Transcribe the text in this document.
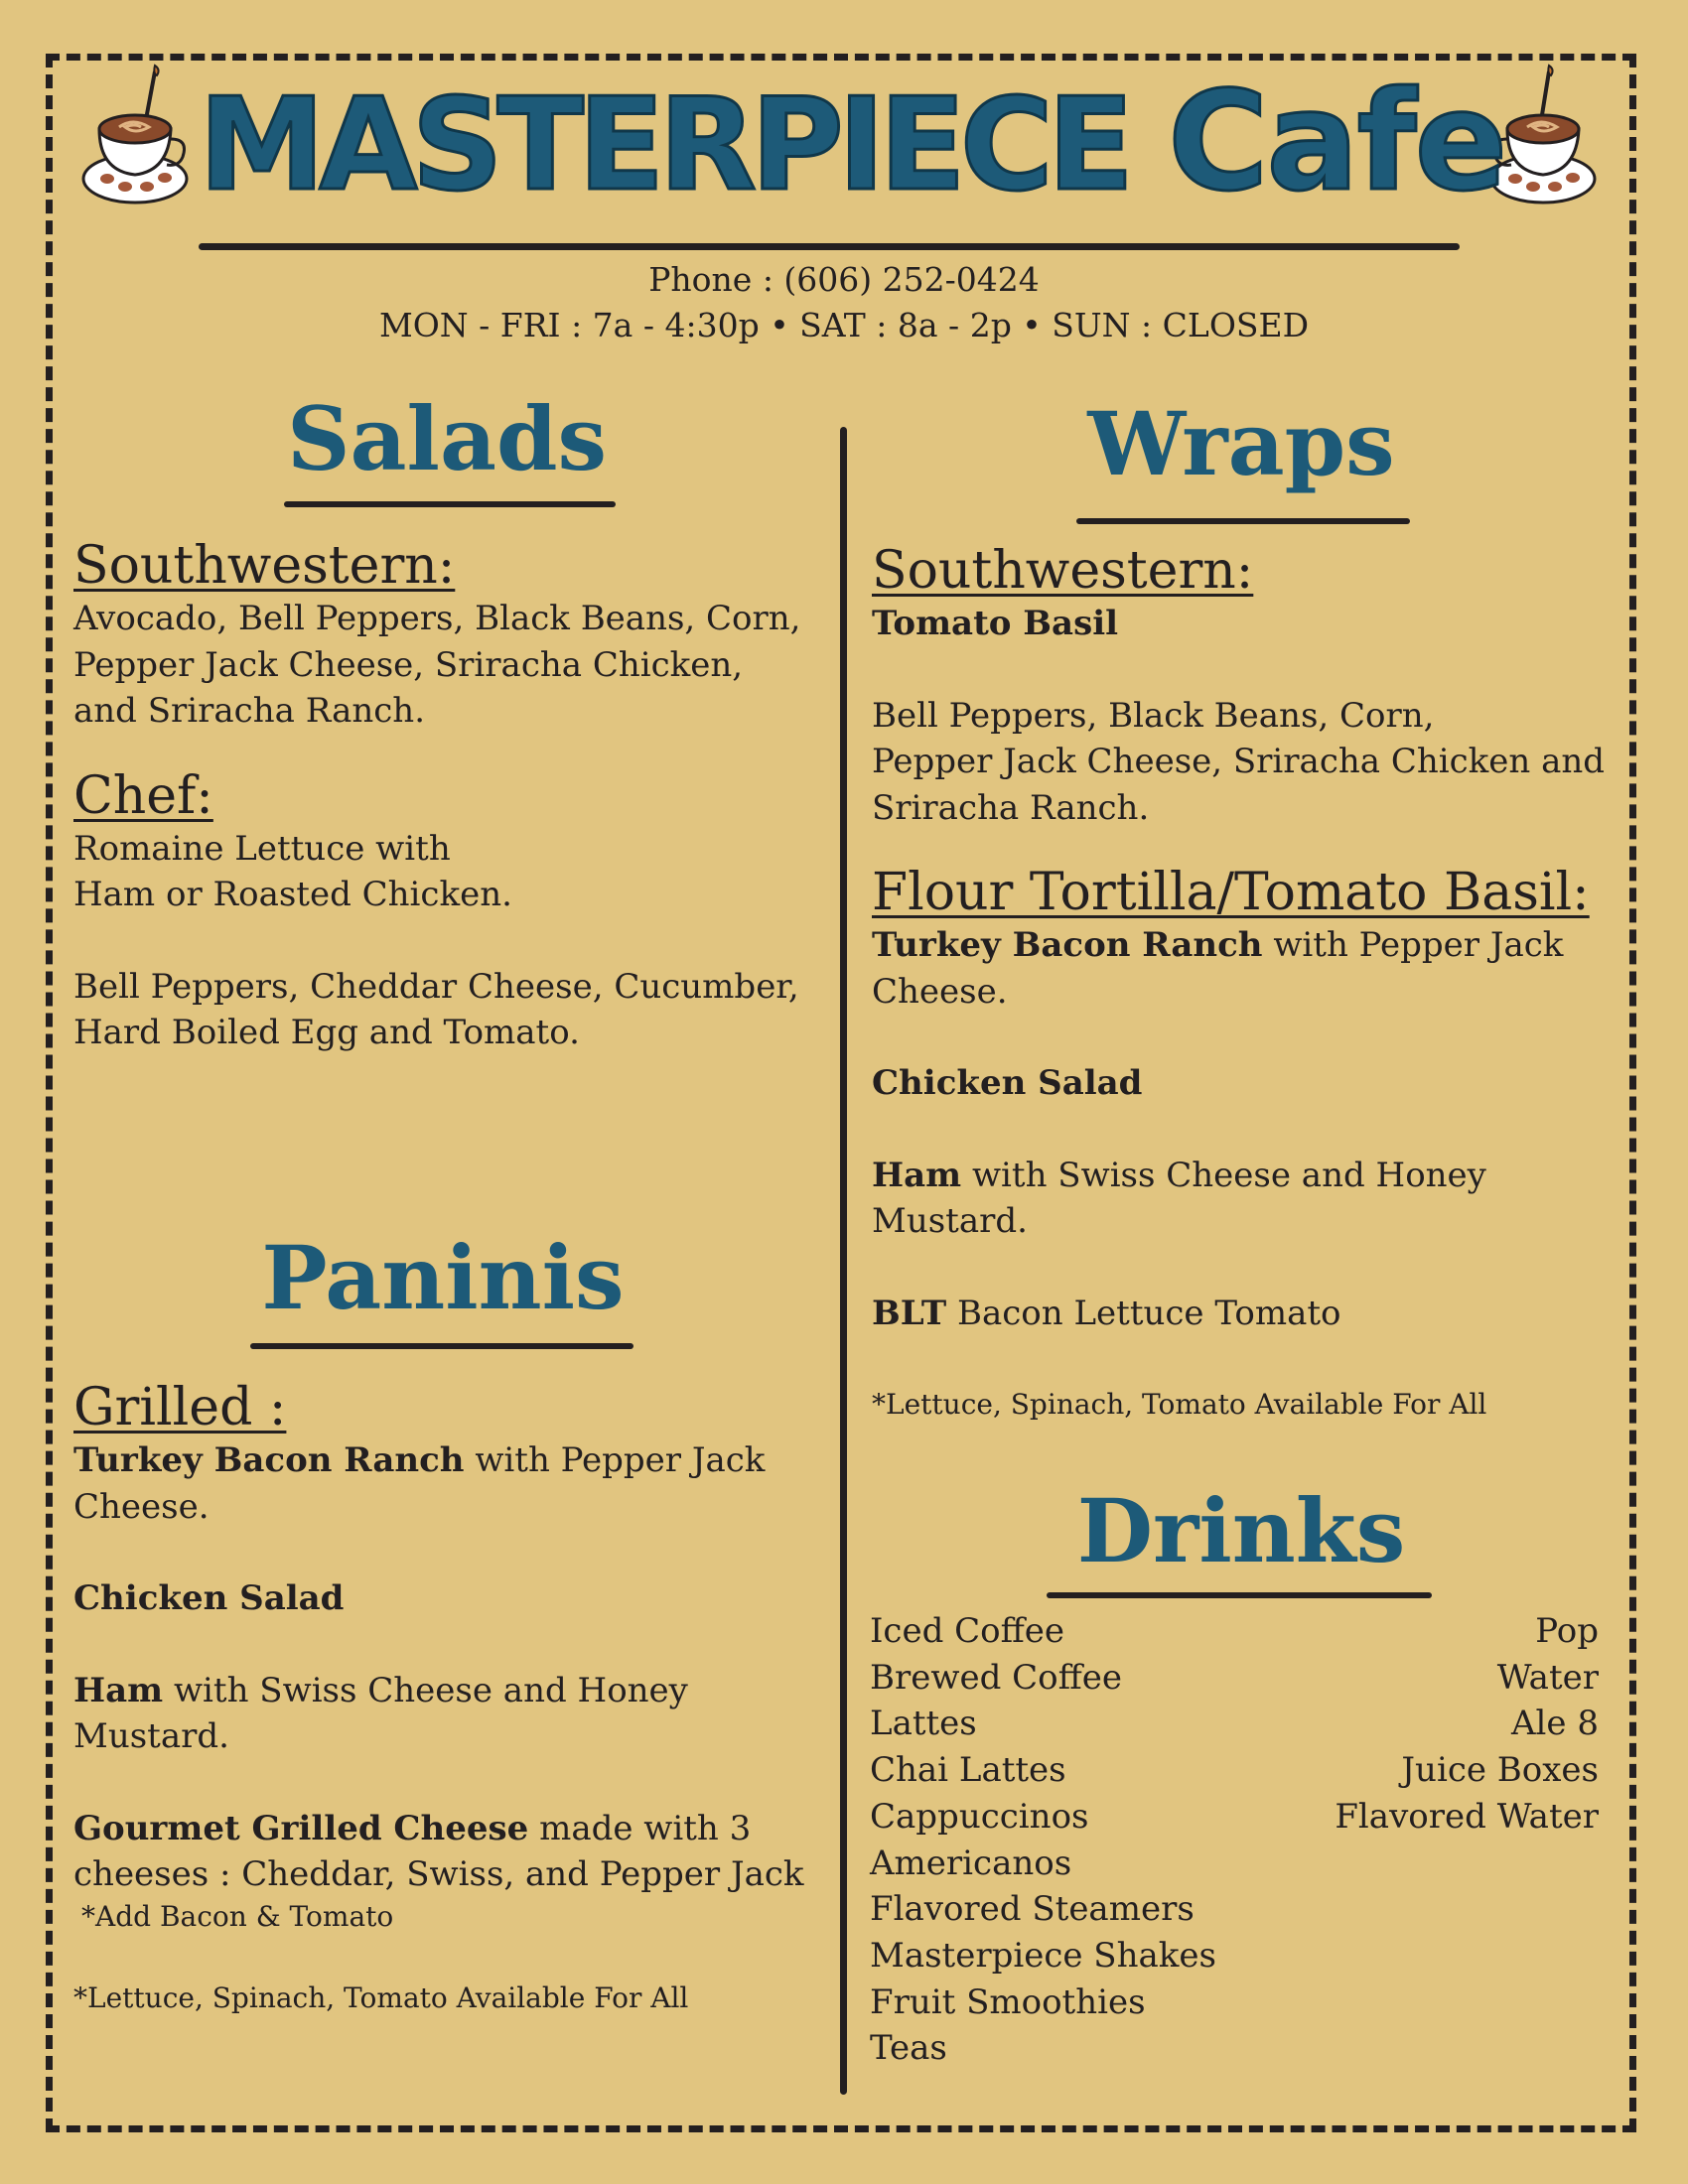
MASTERPIECE Cafe
Phone : (606) 252-0424
MON - FRI : 7a - 4:30p • SAT : 8a - 2p • SUN : CLOSED
Salads
Southwestern:
Avocado, Bell Peppers, Black Beans, Corn,
Pepper Jack Cheese, Sriracha Chicken,
and Sriracha Ranch.
Chef:
Romaine Lettuce with
Ham or Roasted Chicken.
Bell Peppers, Cheddar Cheese, Cucumber,
Hard Boiled Egg and Tomato.
Paninis
Grilled :
Turkey Bacon Ranch with Pepper Jack
Cheese.
Chicken Salad
Ham with Swiss Cheese and Honey
Mustard.
Gourmet Grilled Cheese made with 3
cheeses : Cheddar, Swiss, and Pepper Jack
*Add Bacon & Tomato
*Lettuce, Spinach, Tomato Available For All
Wraps
Southwestern:
Tomato Basil
Bell Peppers, Black Beans, Corn,
Pepper Jack Cheese, Sriracha Chicken and
Sriracha Ranch.
Flour Tortilla/Tomato Basil:
Turkey Bacon Ranch with Pepper Jack
Cheese.
Chicken Salad
Ham with Swiss Cheese and Honey
Mustard.
BLT Bacon Lettuce Tomato
*Lettuce, Spinach, Tomato Available For All
Drinks
Iced Coffee
Brewed Coffee
Lattes
Chai Lattes
Cappuccinos
Americanos
Flavored Steamers
Masterpiece Shakes
Fruit Smoothies
Teas
Pop
Water
Ale 8
Juice Boxes
Flavored Water
